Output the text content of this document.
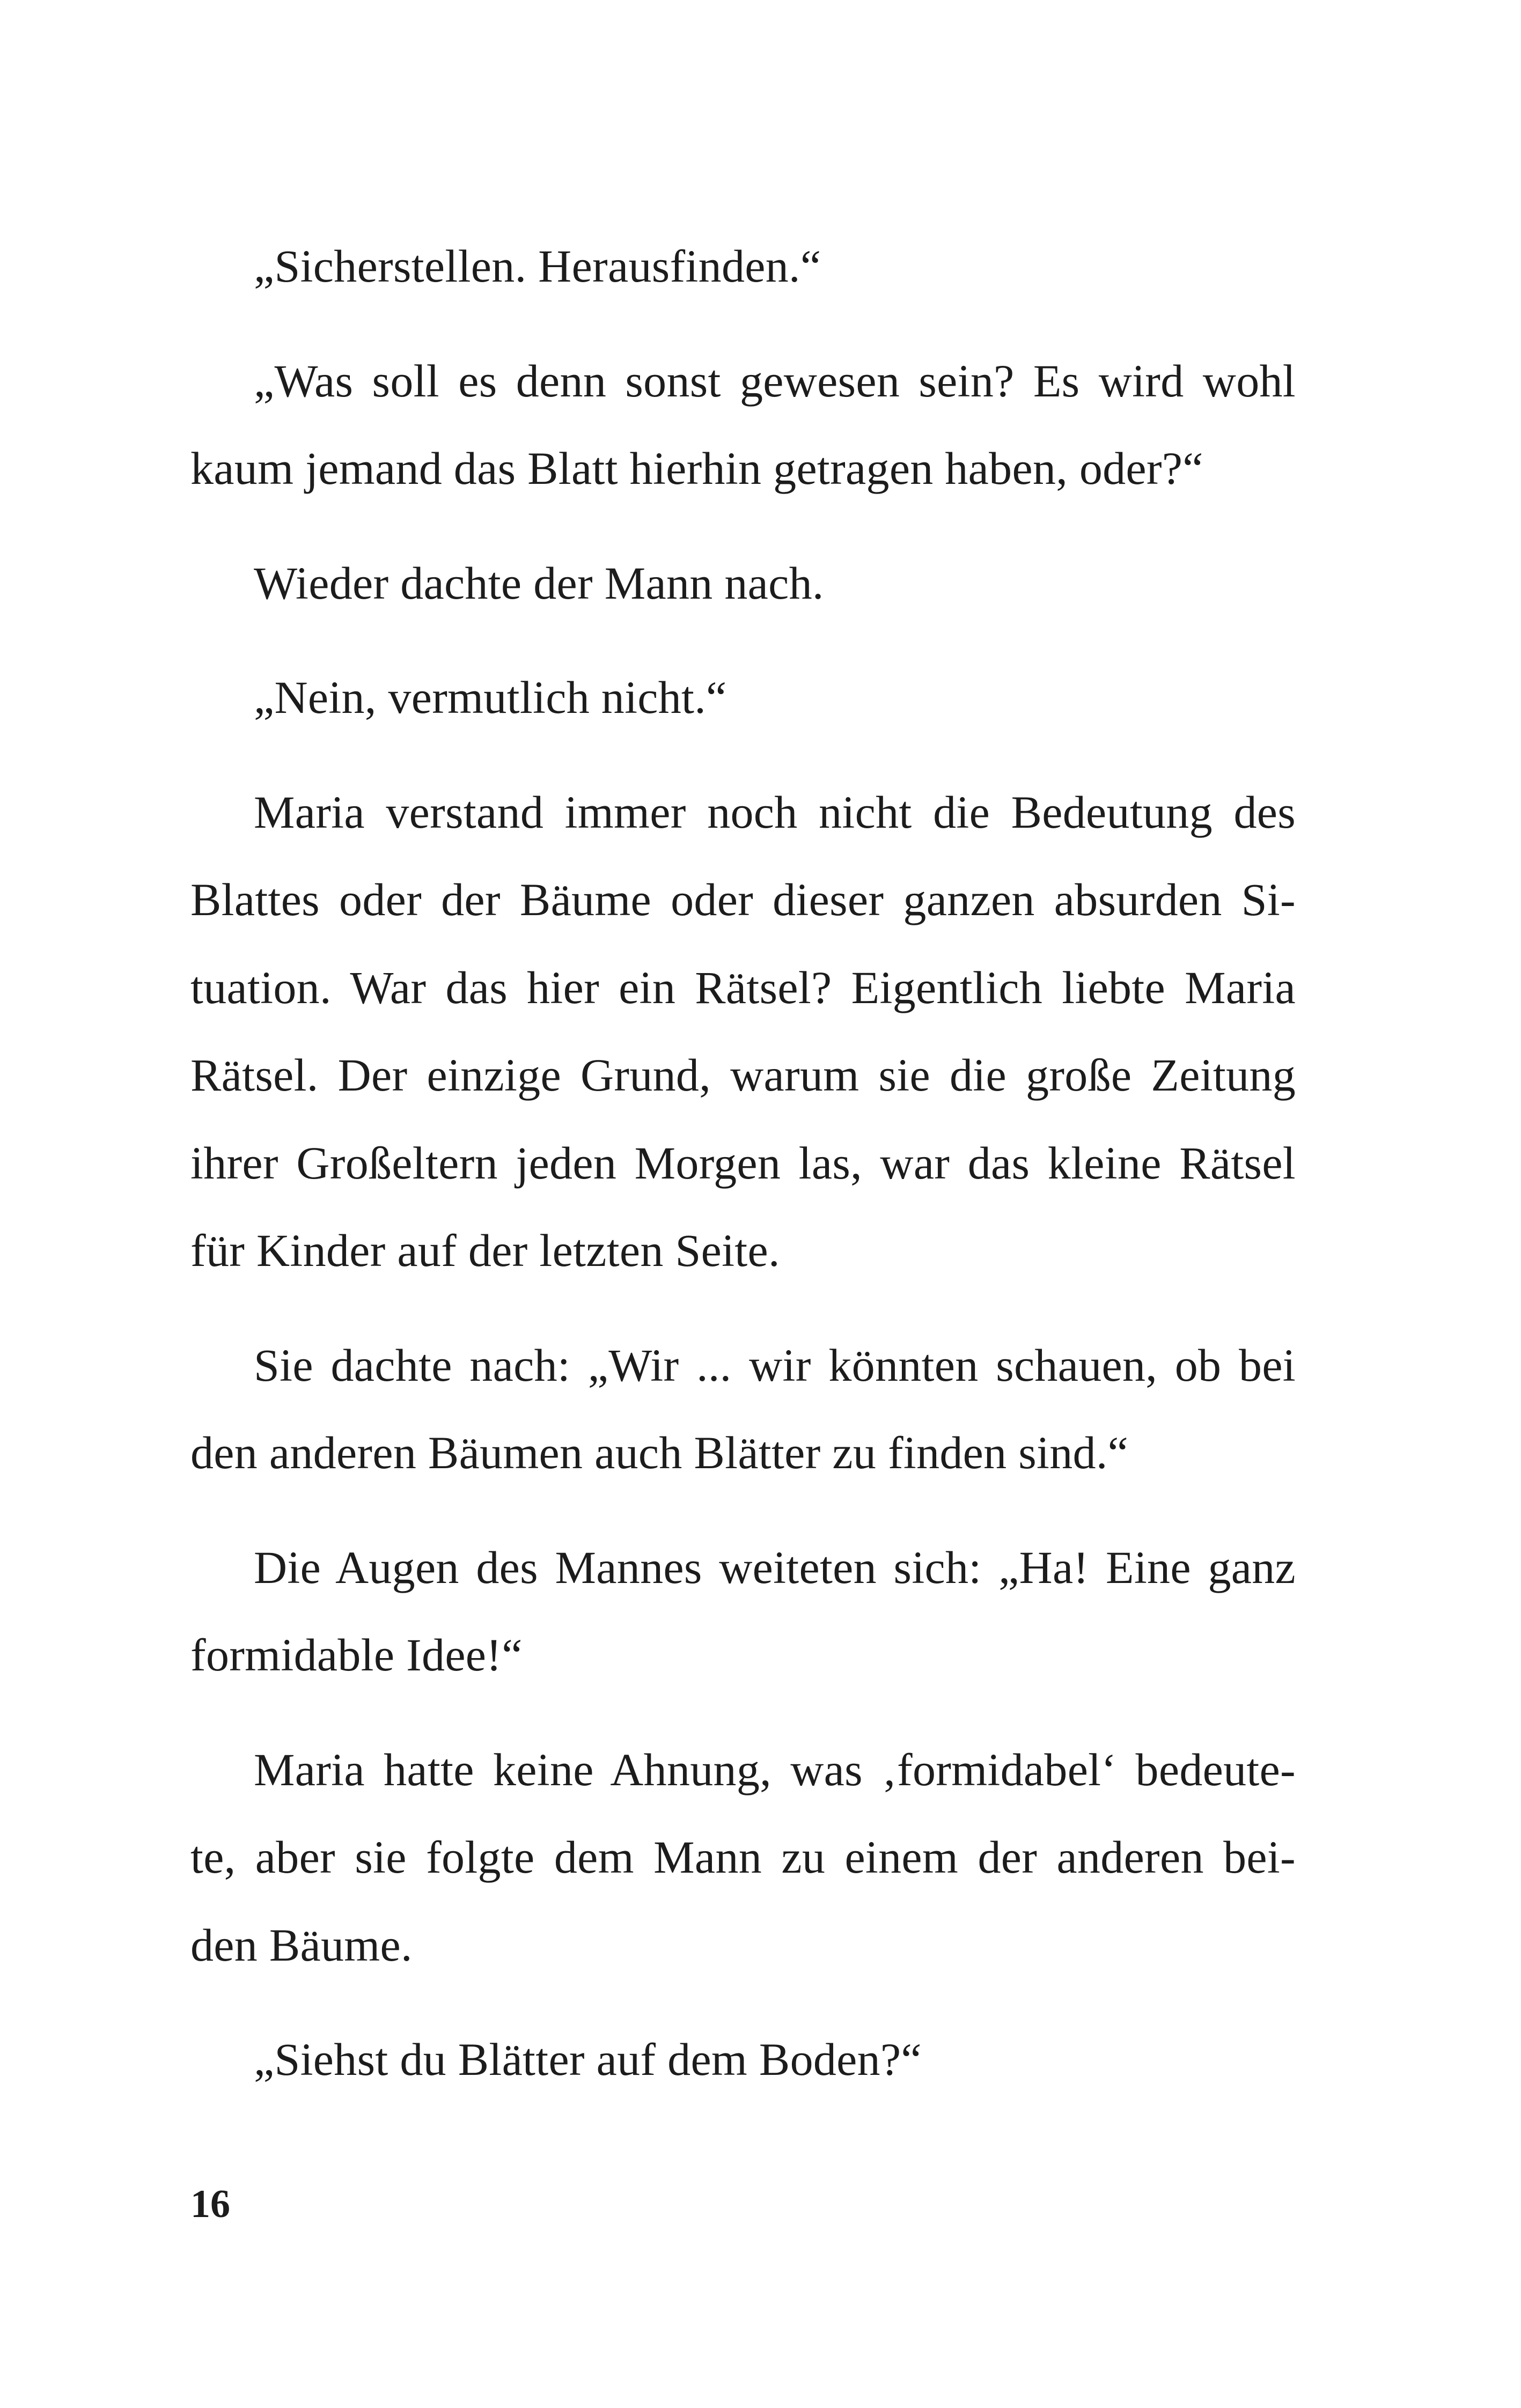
„Sicherstellen. Herausfinden.“
„Was soll es denn sonst gewesen sein? Es wird wohl
kaum jemand das Blatt hierhin getragen haben, oder?“
Wieder dachte der Mann nach.
„Nein, vermutlich nicht.“
Maria verstand immer noch nicht die Bedeutung des
Blattes oder der Bäume oder dieser ganzen absurden Si-
tuation. War das hier ein Rätsel? Eigentlich liebte Maria
Rätsel. Der einzige Grund, warum sie die große Zeitung
ihrer Großeltern jeden Morgen las, war das kleine Rätsel
für Kinder auf der letzten Seite.
Sie dachte nach: „Wir ... wir könnten schauen, ob bei
den anderen Bäumen auch Blätter zu finden sind.“
Die Augen des Mannes weiteten sich: „Ha! Eine ganz
formidable Idee!“
Maria hatte keine Ahnung, was ‚formidabel‘ bedeute-
te, aber sie folgte dem Mann zu einem der anderen bei-
den Bäume.
„Siehst du Blätter auf dem Boden?“
16
